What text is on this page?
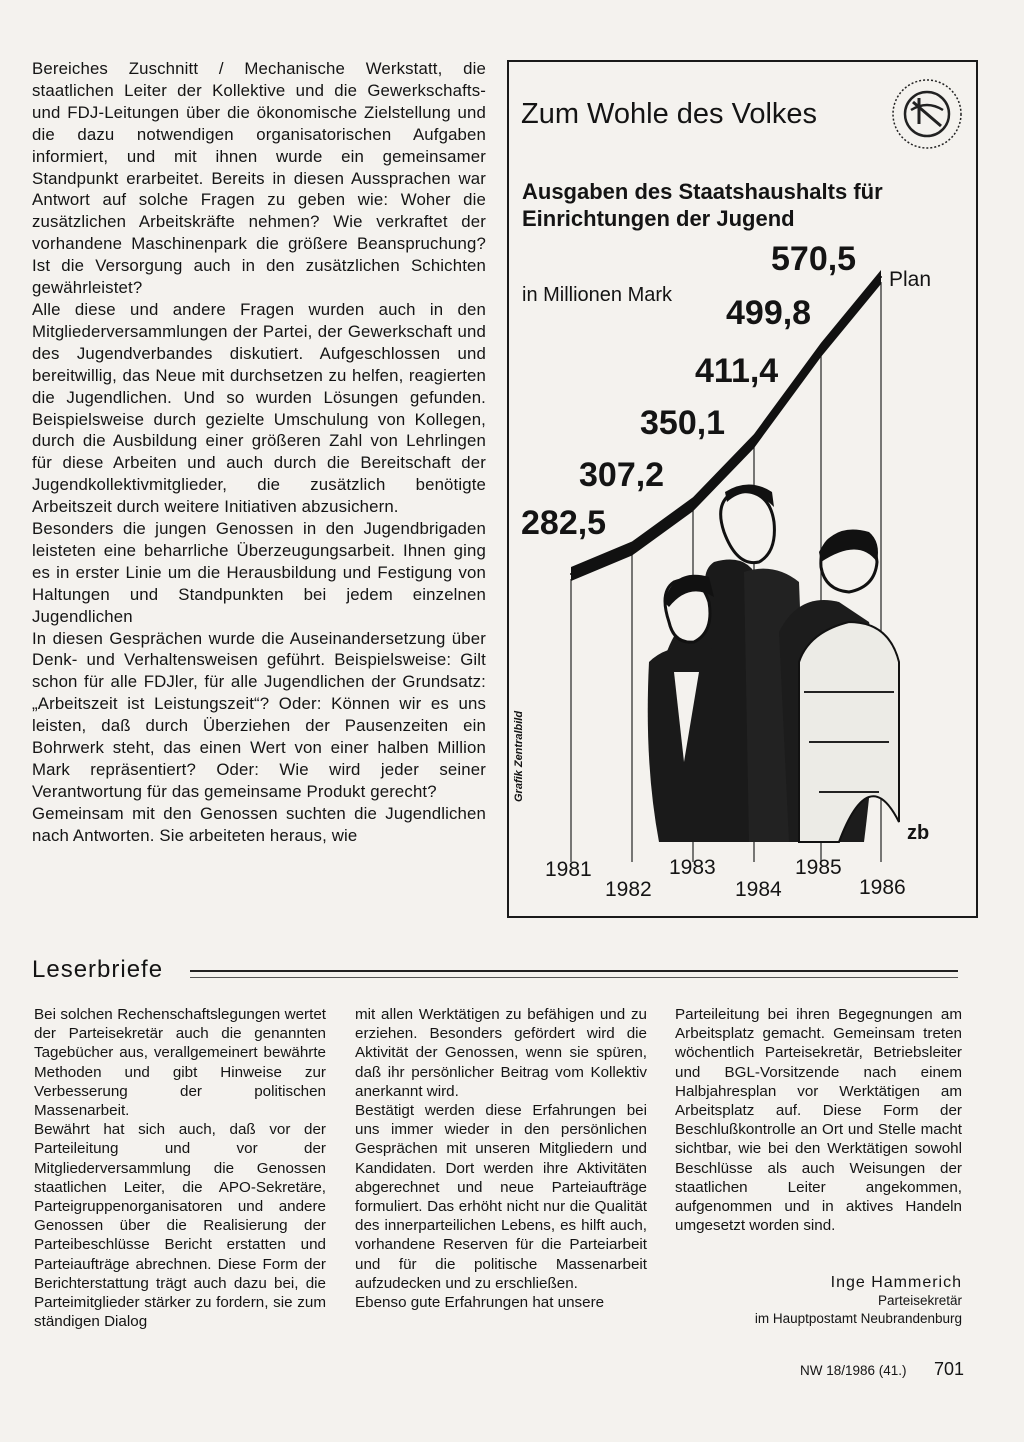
Bereiches Zuschnitt / Mechanische Werkstatt, die staatlichen Leiter der Kollektive und die Gewerkschafts- und FDJ-Leitungen über die ökonomische Zielstellung und die dazu notwendigen organisatorischen Aufgaben informiert, und mit ihnen wurde ein gemeinsamer Standpunkt erarbeitet. Bereits in diesen Aussprachen war Antwort auf solche Fragen zu geben wie: Woher die zusätzlichen Arbeitskräfte nehmen? Wie verkraftet der vorhandene Maschinenpark die größere Beanspruchung? Ist die Versorgung auch in den zusätzlichen Schichten gewährleistet?

Alle diese und andere Fragen wurden auch in den Mitgliederversammlungen der Partei, der Gewerkschaft und des Jugendverbandes diskutiert. Aufgeschlossen und bereitwillig, das Neue mit durchsetzen zu helfen, reagierten die Jugendlichen. Und so wurden Lösungen gefunden. Beispielsweise durch gezielte Umschulung von Kollegen, durch die Ausbildung einer größeren Zahl von Lehrlingen für diese Arbeiten und auch durch die Bereitschaft der Jugendkollektivmitglieder, die zusätzlich benötigte Arbeitszeit durch weitere Initiativen abzusichern.

Besonders die jungen Genossen in den Jugendbrigaden leisteten eine beharrliche Überzeugungsarbeit. Ihnen ging es in erster Linie um die Herausbildung und Festigung von Haltungen und Standpunkten bei jedem einzelnen Jugendlichen

In diesen Gesprächen wurde die Auseinandersetzung über Denk- und Verhaltensweisen geführt. Beispielsweise: Gilt schon für alle FDJler, für alle Jugendlichen der Grundsatz: „Arbeitszeit ist Leistungszeit“? Oder: Können wir es uns leisten, daß durch Überziehen der Pausenzeiten ein Bohrwerk steht, das einen Wert von einer halben Million Mark repräsentiert? Oder: Wie wird jeder seiner Verantwortung für das gemeinsame Produkt gerecht?

Gemeinsam mit den Genossen suchten die Jugendlichen nach Antworten. Sie arbeiteten heraus, wie

Zum Wohle des Volkes
Ausgaben des Staatshaushalts für Einrichtungen der Jugend
in Millionen Mark
Plan
Grafik Zentralbild
zb
1981
1982
1983
1984
1985
1986
282,5
307,2
350,1
411,4
499,8
570,5
Leserbriefe

Bei solchen Rechenschaftslegungen wertet der Parteisekretär auch die genannten Tagebücher aus, verallgemeinert bewährte Methoden und gibt Hinweise zur Verbesserung der politischen Massenarbeit.

Bewährt hat sich auch, daß vor der Parteileitung und vor der Mitgliederversammlung die Genossen staatlichen Leiter, die APO-Sekretäre, Parteigruppenorganisatoren und andere Genossen über die Realisierung der Parteibeschlüsse Bericht erstatten und Parteiaufträge abrechnen. Diese Form der Berichterstattung trägt auch dazu bei, die Parteimitglieder stärker zu fordern, sie zum ständigen Dialog

mit allen Werktätigen zu befähigen und zu erziehen. Besonders gefördert wird die Aktivität der Genossen, wenn sie spüren, daß ihr persönlicher Beitrag vom Kollektiv anerkannt wird.

Bestätigt werden diese Erfahrungen bei uns immer wieder in den persönlichen Gesprächen mit unseren Mitgliedern und Kandidaten. Dort werden ihre Aktivitäten abgerechnet und neue Parteiaufträge formuliert. Das erhöht nicht nur die Qualität des innerparteilichen Lebens, es hilft auch, vorhandene Reserven für die Parteiarbeit und für die politische Massenarbeit aufzudecken und zu erschließen.

Ebenso gute Erfahrungen hat unsere

Parteileitung bei ihren Begegnungen am Arbeitsplatz gemacht. Gemeinsam treten wöchentlich Parteisekretär, Betriebsleiter und BGL-Vorsitzende nach einem Halbjahresplan vor Werktätigen am Arbeitsplatz auf. Diese Form der Beschlußkontrolle an Ort und Stelle macht sichtbar, wie bei den Werktätigen sowohl Beschlüsse als auch Weisungen der staatlichen Leiter angekommen, aufgenommen und in aktives Handeln umgesetzt worden sind.

Inge Hammerich
Parteisekretär
im Hauptpostamt Neubrandenburg
NW 18/1986 (41.) 701
